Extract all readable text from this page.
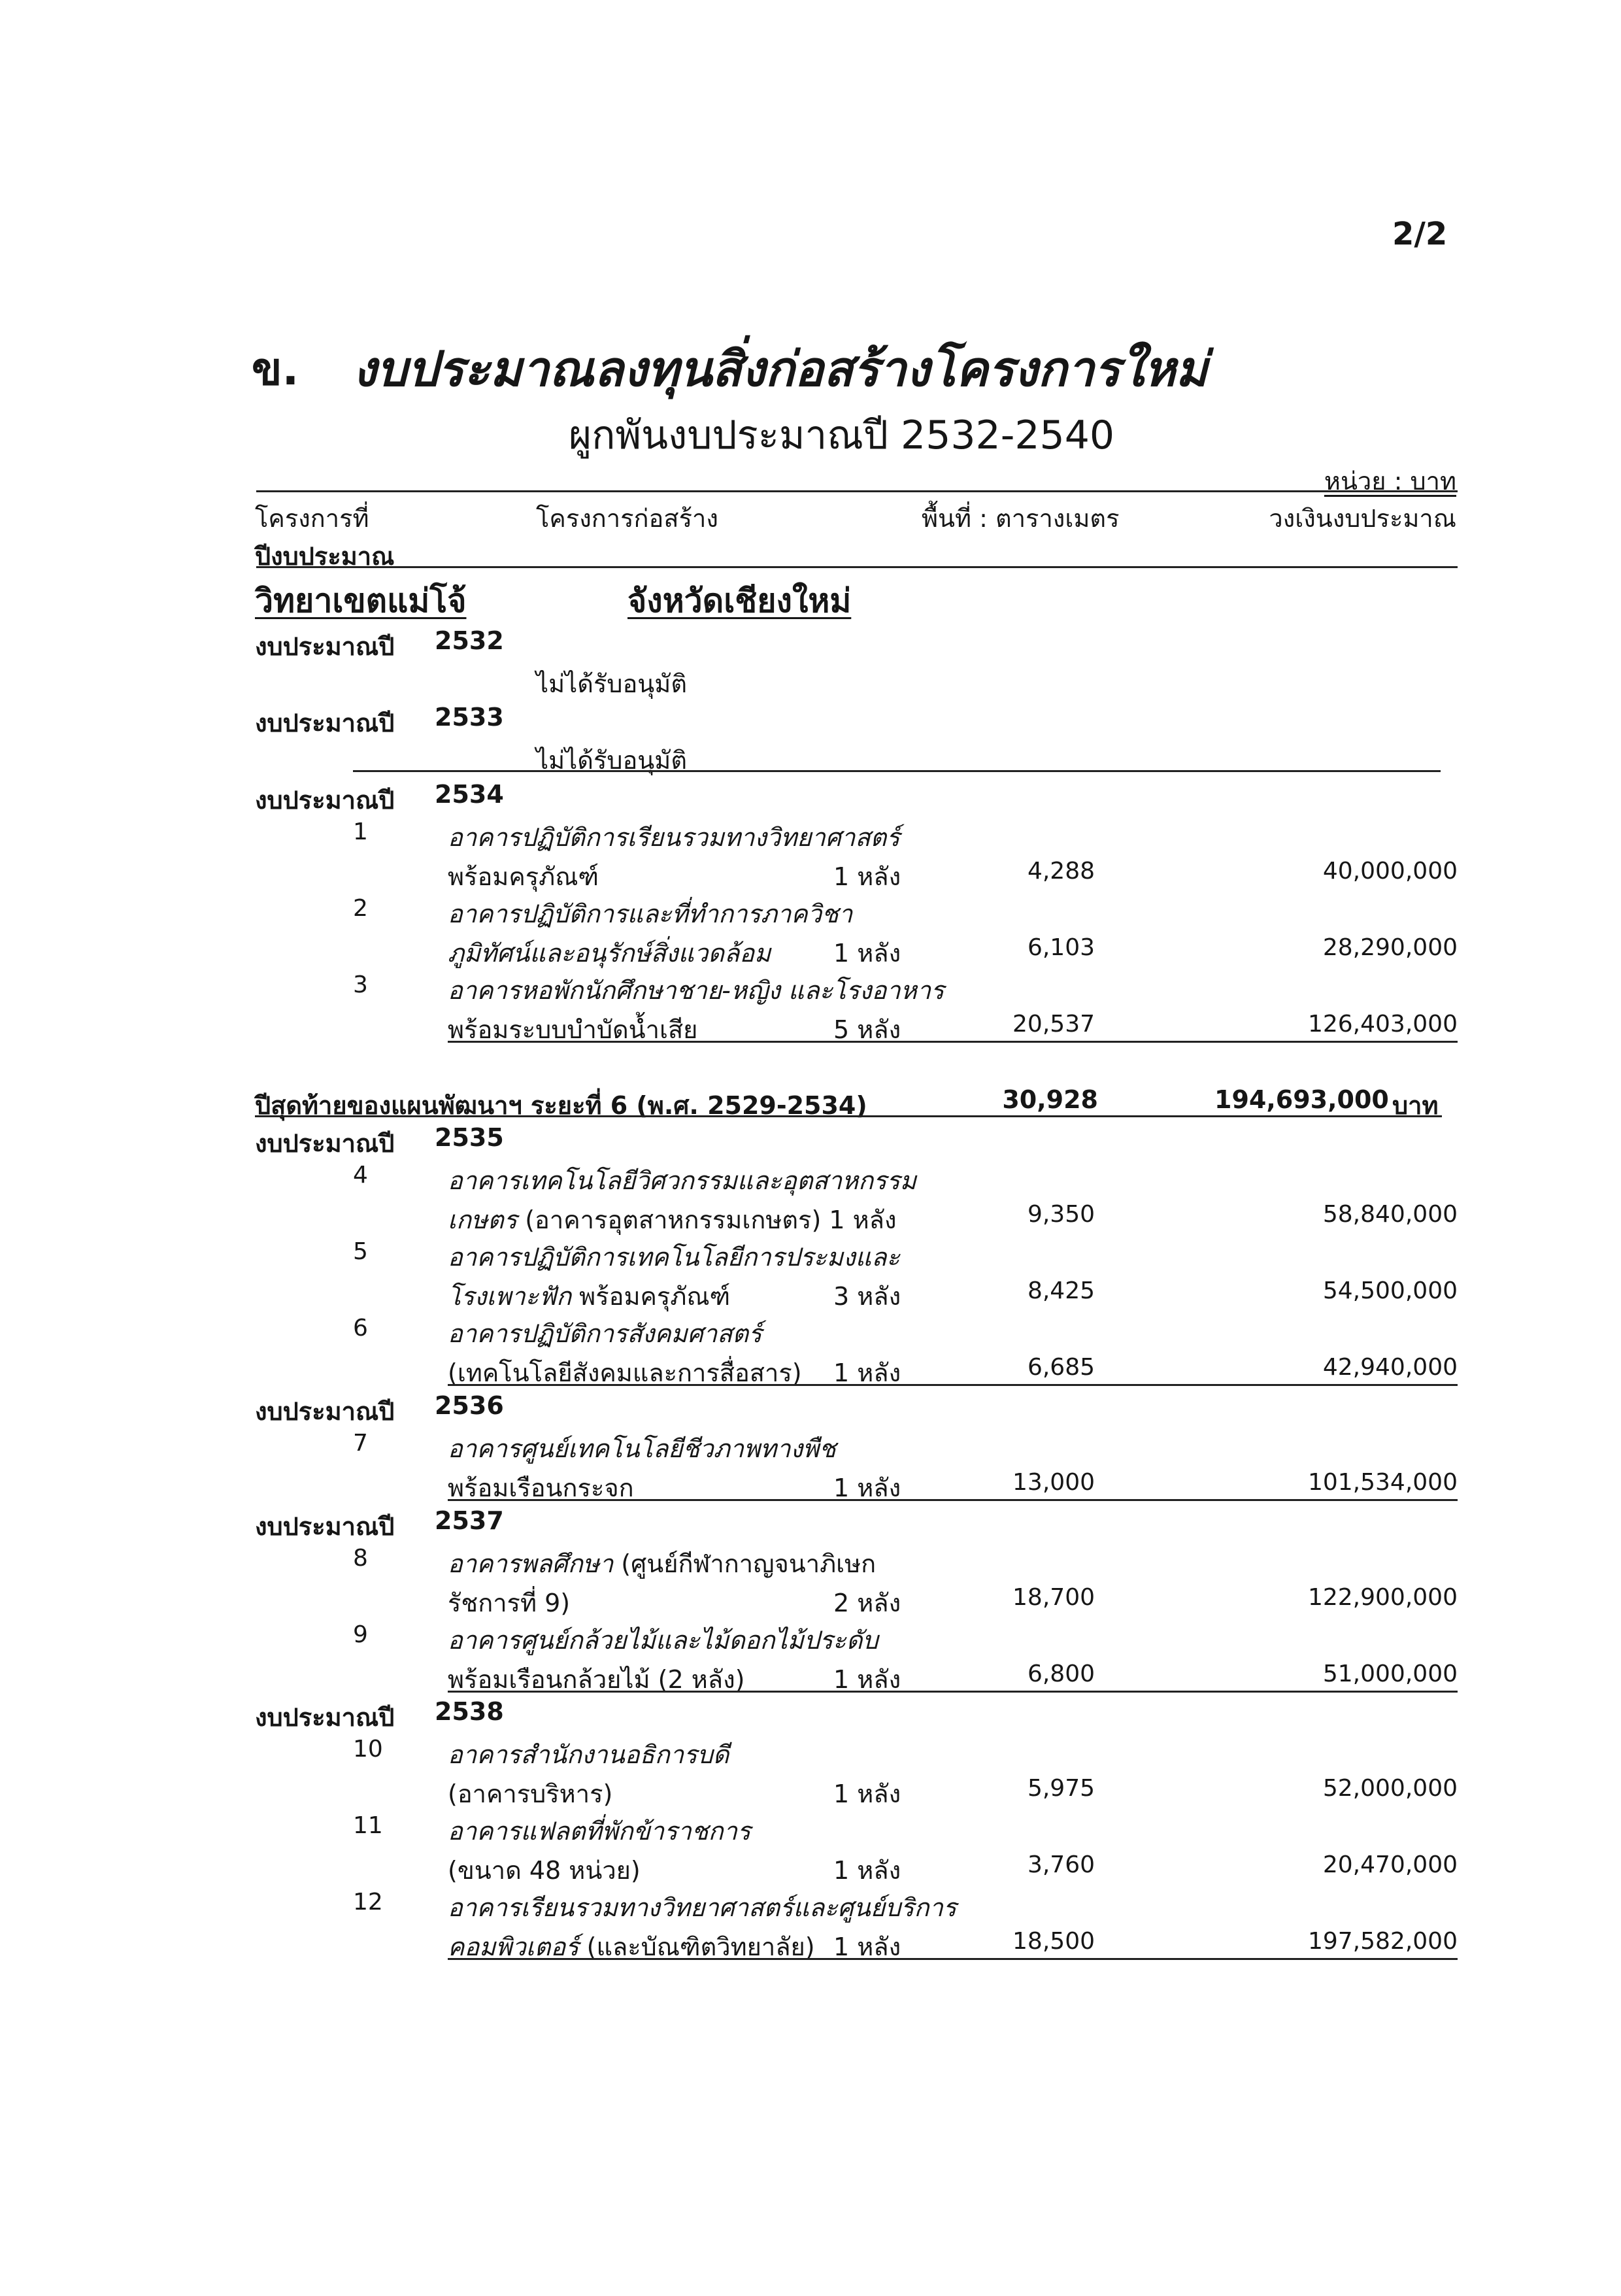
2/2
ข. งบประมาณลงทุนสิ่งก่อสร้างโครงการใหม่
ผูกพันงบประมาณปี 2532-2540
หน่วย : บาท
โครงการที่	โครงการก่อสร้าง	พื้นที่ : ตารางเมตร	วงเงินงบประมาณ
ปีงบประมาณ
วิทยาเขตแม่โจ้	จังหวัดเชียงใหม่
งบประมาณปี 2532
ไม่ได้รับอนุมัติ
งบประมาณปี 2533
ไม่ได้รับอนุมัติ
งบประมาณปี 2534
1	อาคารปฏิบัติการเรียนรวมทางวิทยาศาสตร์
พร้อมครุภัณฑ์	1 หลัง	4,288	40,000,000
2	อาคารปฏิบัติการและที่ทำการภาควิชา
ภูมิทัศน์และอนุรักษ์สิ่งแวดล้อม	1 หลัง	6,103	28,290,000
3	อาคารหอพักนักศึกษาชาย-หญิง และโรงอาหาร
พร้อมระบบบำบัดน้ำเสีย	5 หลัง	20,537	126,403,000
ปีสุดท้ายของแผนพัฒนาฯ ระยะที่ 6 (พ.ศ. 2529-2534)	30,928	194,693,000 บาท
งบประมาณปี 2535
4	อาคารเทคโนโลยีวิศวกรรมและอุตสาหกรรม
เกษตร (อาคารอุตสาหกรรมเกษตร) 1 หลัง	9,350	58,840,000
5	อาคารปฏิบัติการเทคโนโลยีการประมงและ
โรงเพาะฟัก พร้อมครุภัณฑ์	3 หลัง	8,425	54,500,000
6	อาคารปฏิบัติการสังคมศาสตร์
(เทคโนโลยีสังคมและการสื่อสาร) 1 หลัง	6,685	42,940,000
งบประมาณปี 2536
7	อาคารศูนย์เทคโนโลยีชีวภาพทางพืช
พร้อมเรือนกระจก	1 หลัง	13,000	101,534,000
งบประมาณปี 2537
8	อาคารพลศึกษา (ศูนย์กีฬากาญจนาภิเษก
รัชการที่ 9)	2 หลัง	18,700	122,900,000
9	อาคารศูนย์กล้วยไม้และไม้ดอกไม้ประดับ
พร้อมเรือนกล้วยไม้ (2 หลัง)	1 หลัง	6,800	51,000,000
งบประมาณปี 2538
10	อาคารสำนักงานอธิการบดี
(อาคารบริหาร)	1 หลัง	5,975	52,000,000
11	อาคารแฟลตที่พักข้าราชการ
(ขนาด 48 หน่วย)	1 หลัง	3,760	20,470,000
12	อาคารเรียนรวมทางวิทยาศาสตร์และศูนย์บริการ
คอมพิวเตอร์ (และบัณฑิตวิทยาลัย) 1 หลัง	18,500	197,582,000
